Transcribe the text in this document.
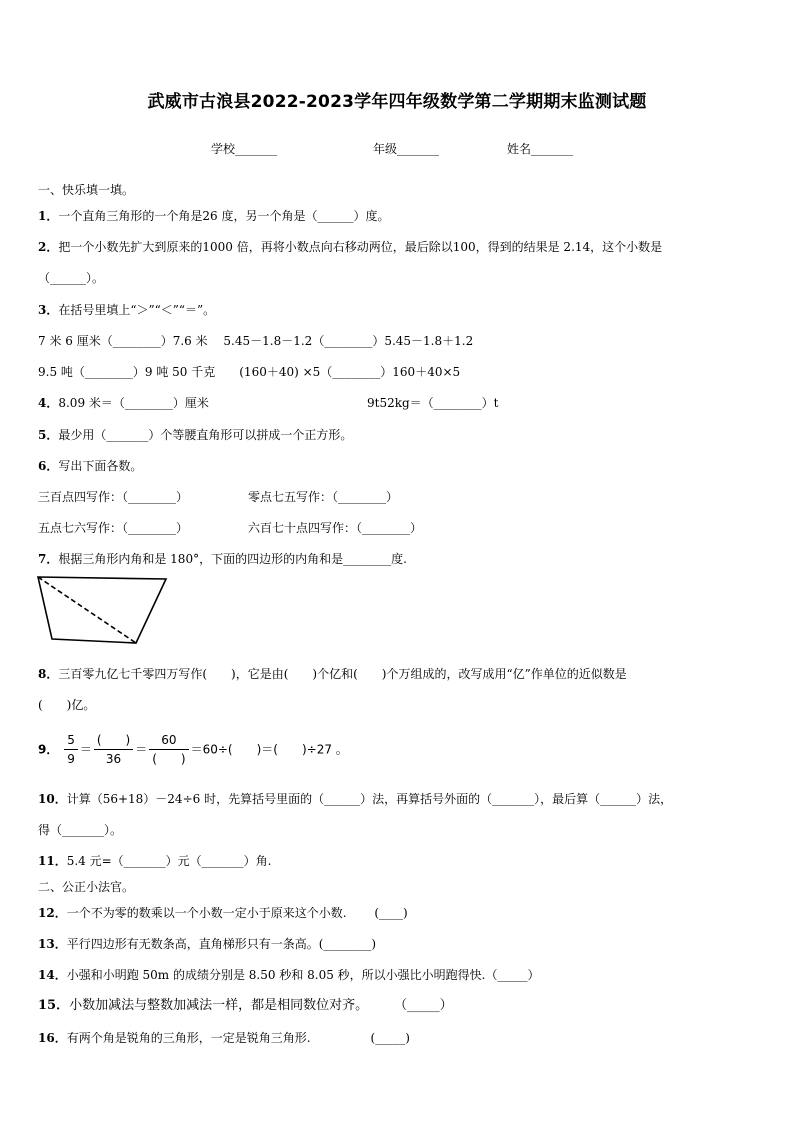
武威市古浪县2022-2023学年四年级数学第二学期期末监测试题
学校_______	年级_______	姓名_______
一、快乐填一填。
1．一个直角三角形的一个角是26 度，另一个角是（______）度。
2．把一个小数先扩大到原来的1000 倍，再将小数点向右移动两位，最后除以100，得到的结果是 2.14，这个小数是
（______）。
3．在括号里填上“＞”“＜”“＝”。
7 米 6 厘米（________）7.6 米　 5.45－1.8－1.2（________）5.45－1.8＋1.2
9.5 吨（________）9 吨 50 千克　　(160＋40) ×5（________）160＋40×5
4．8.09 米＝（________）厘米	9t52kg＝（________）t
5．最少用（_______）个等腰直角形可以拼成一个正方形。
6．写出下面各数。
三百点四写作：（________）	零点七五写作：（________）
五点七六写作：（________）	六百七十点四写作：（________）
7．根据三角形内角和是 180°，下面的四边形的内角和是________度.
8．三百零九亿七千零四万写作(　　)，它是由(　　)个亿和(　　)个万组成的，改写成用“亿”作单位的近似数是
(　　)亿。
9． $\frac{5}{9} = \frac{( )}{36} = \frac{60}{( )} =60\div$(　　)＝(　　)÷27 。
10．计算（56+18）－24÷6 时，先算括号里面的（______）法，再算括号外面的（_______），最后算（______）法，
得（_______）。
11．5.4 元=（_______）元（_______）角.
二、公正小法官。
12．一个不为零的数乘以一个小数一定小于原来这个小数.　　 (____)
13．平行四边形有无数条高，直角梯形只有一条高。(________)
14．小强和小明跑 50m 的成绩分别是 8.50 秒和 8.05 秒，所以小强比小明跑得快.（_____）
15．小数加减法与整数加减法一样，都是相同数位对齐。　　　（_____）
16．有两个角是锐角的三角形，一定是锐角三角形.　　　　　(_____)
